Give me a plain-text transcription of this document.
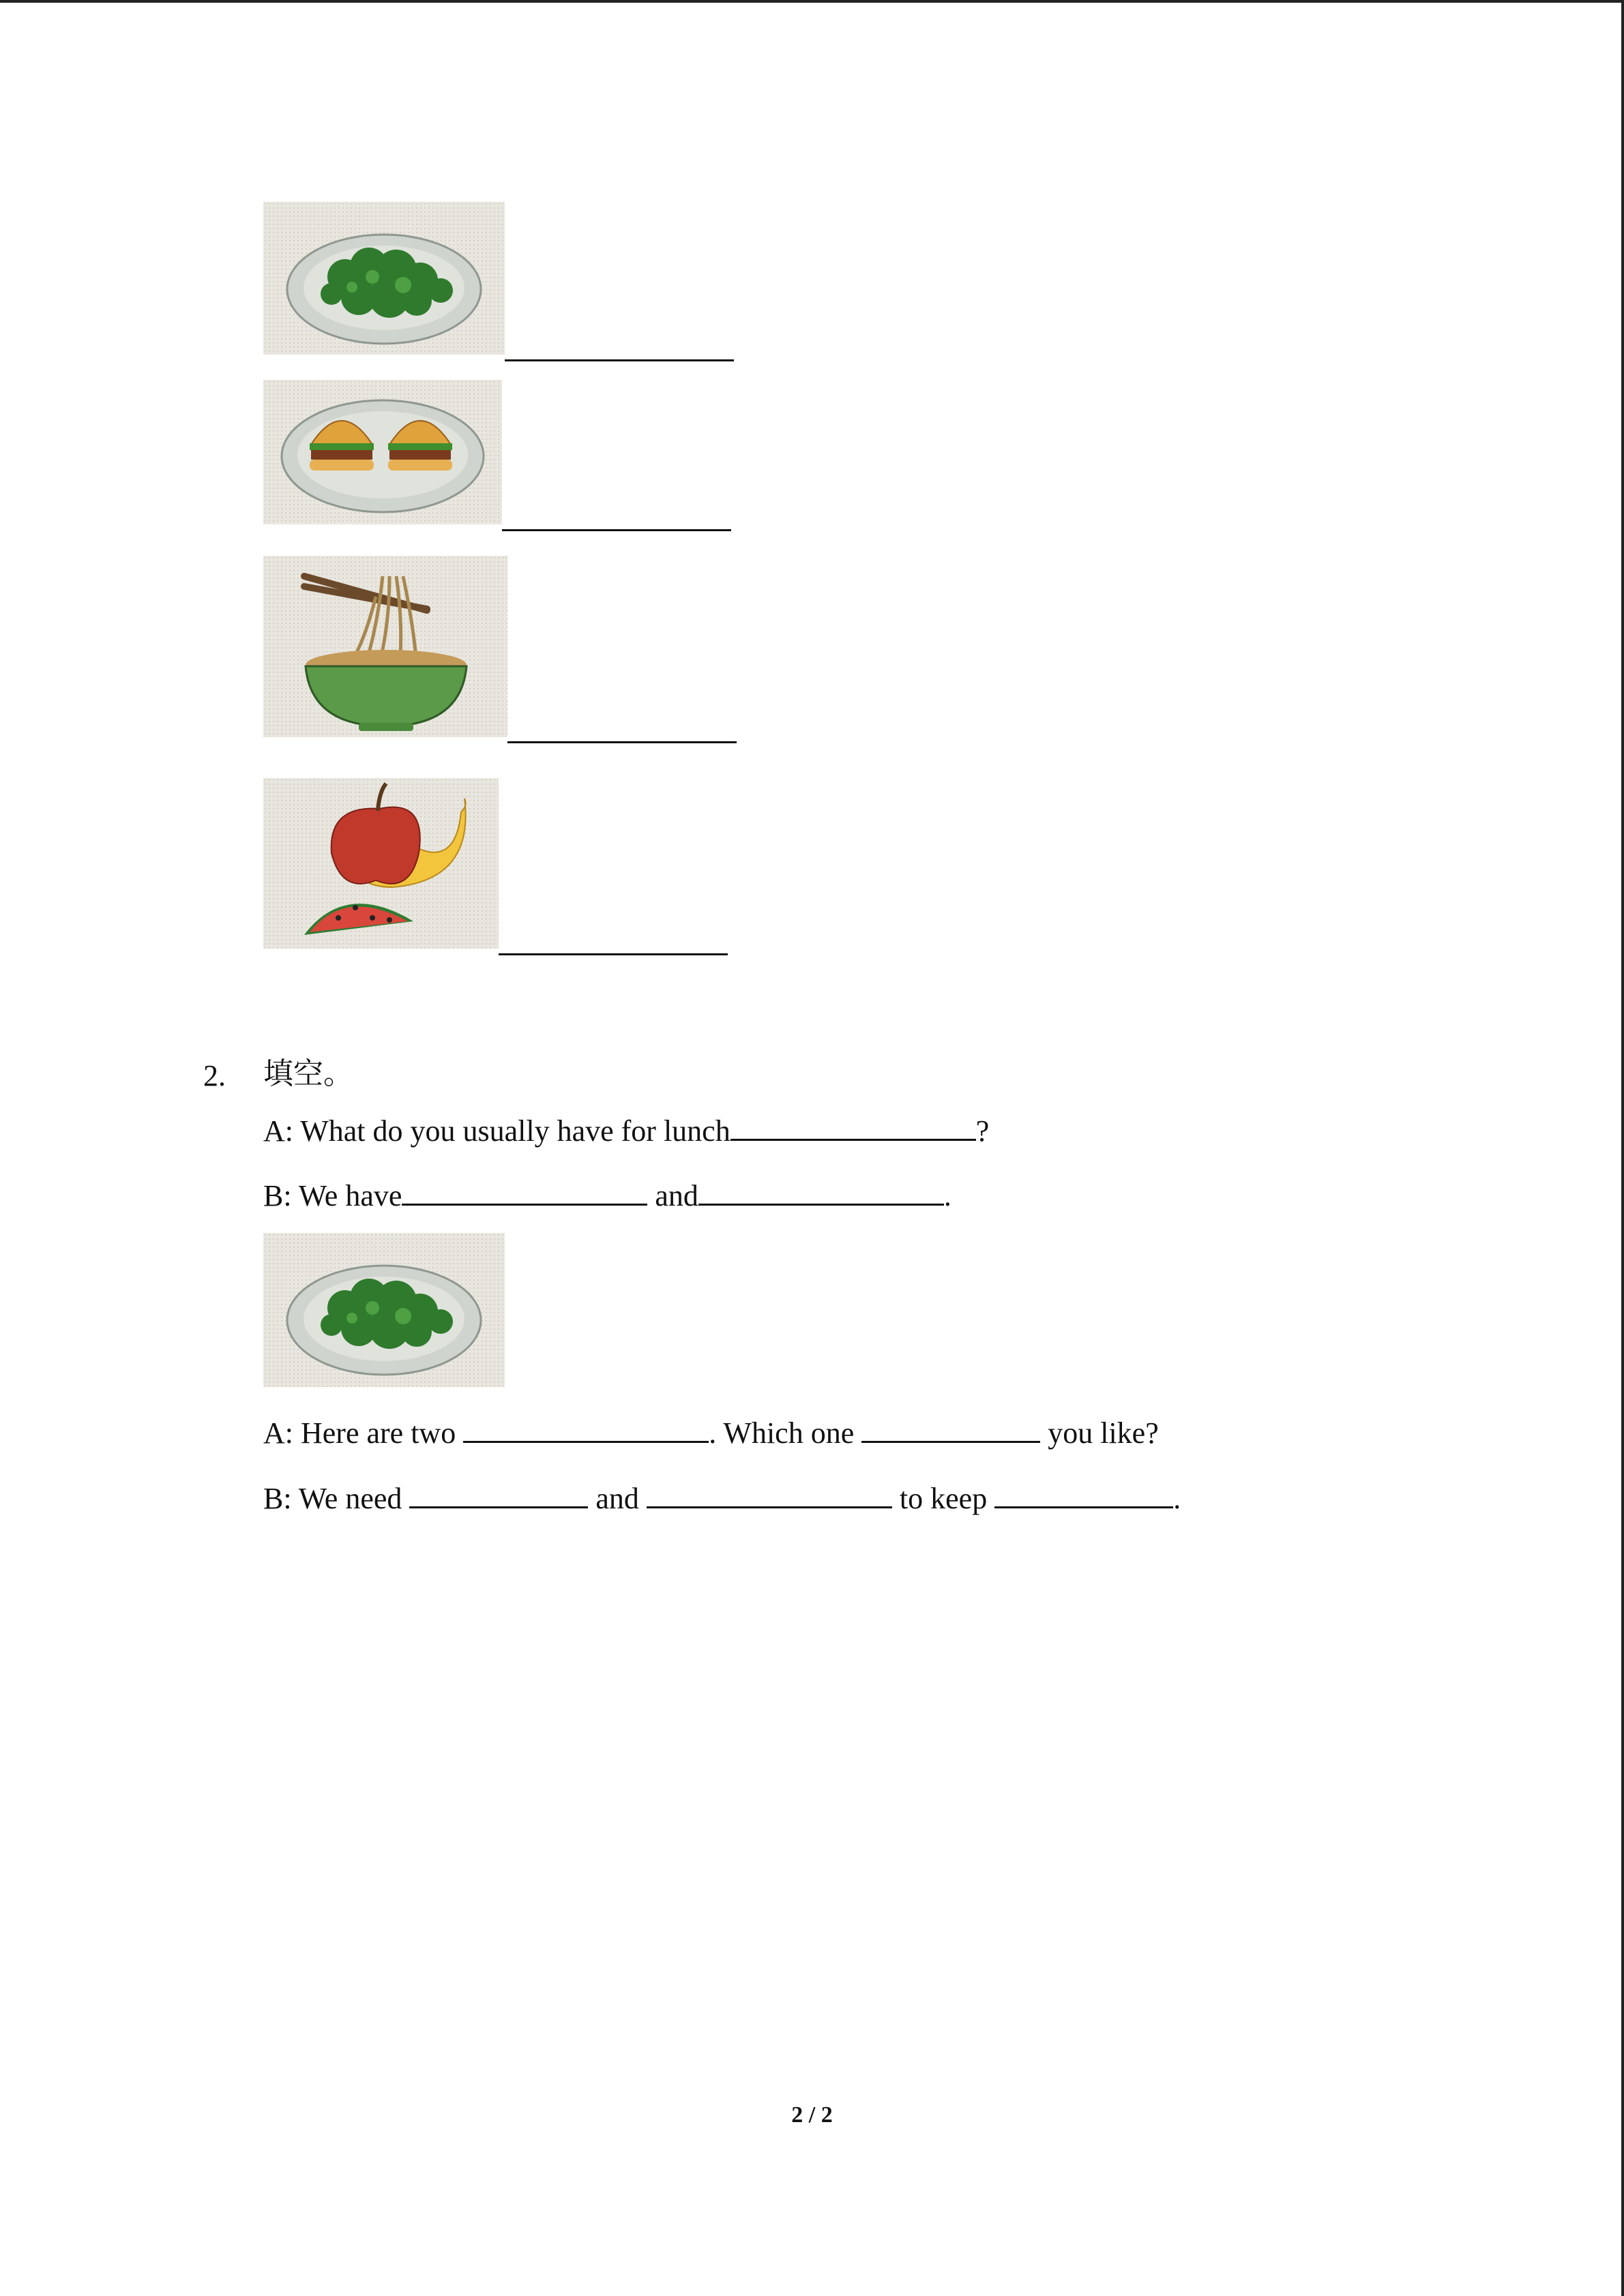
2. 填空。
A: What do you usually have for lunch	?
B: We have	and	.
A: Here are two	. Which one	you like?
B: We need	and	to keep	.
2 / 2
